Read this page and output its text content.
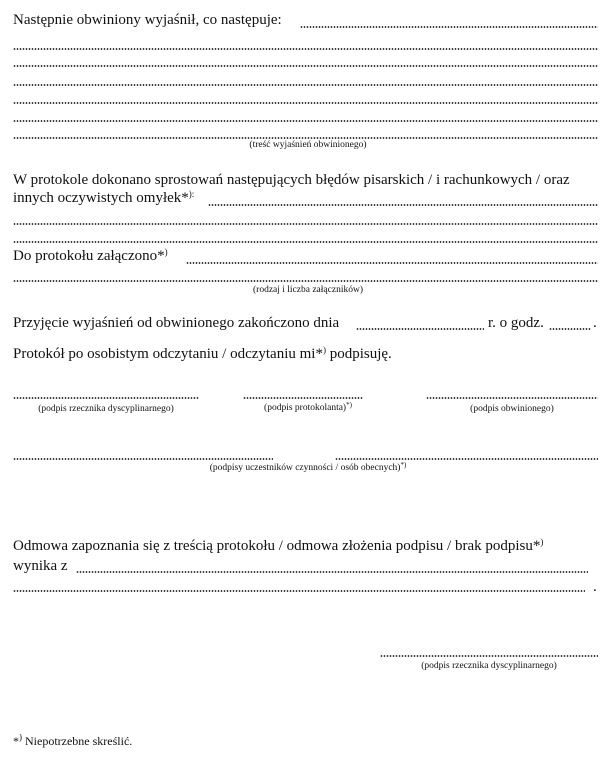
Następnie obwiniony wyjaśnił, co następuje:
(treść wyjaśnień obwinionego)
W protokole dokonano sprostowań następujących błędów pisarskich / i rachunkowych / oraz
innych oczywistych omyłek*):
Do protokołu załączono*)
(rodzaj i liczba załączników)
Przyjęcie wyjaśnień od obwinionego zakończono dnia	r. o godz.	.
Protokół po osobistym odczytaniu / odczytaniu mi*) podpisuję.
(podpis rzecznika dyscyplinarnego)	(podpis protokolanta)*)	(podpis obwinionego)
(podpisy uczestników czynności / osób obecnych)*)
Odmowa zapoznania się z treścią protokołu / odmowa złożenia podpisu / brak podpisu*)
wynika z
.
(podpis rzecznika dyscyplinarnego)
*) Niepotrzebne skreślić.
